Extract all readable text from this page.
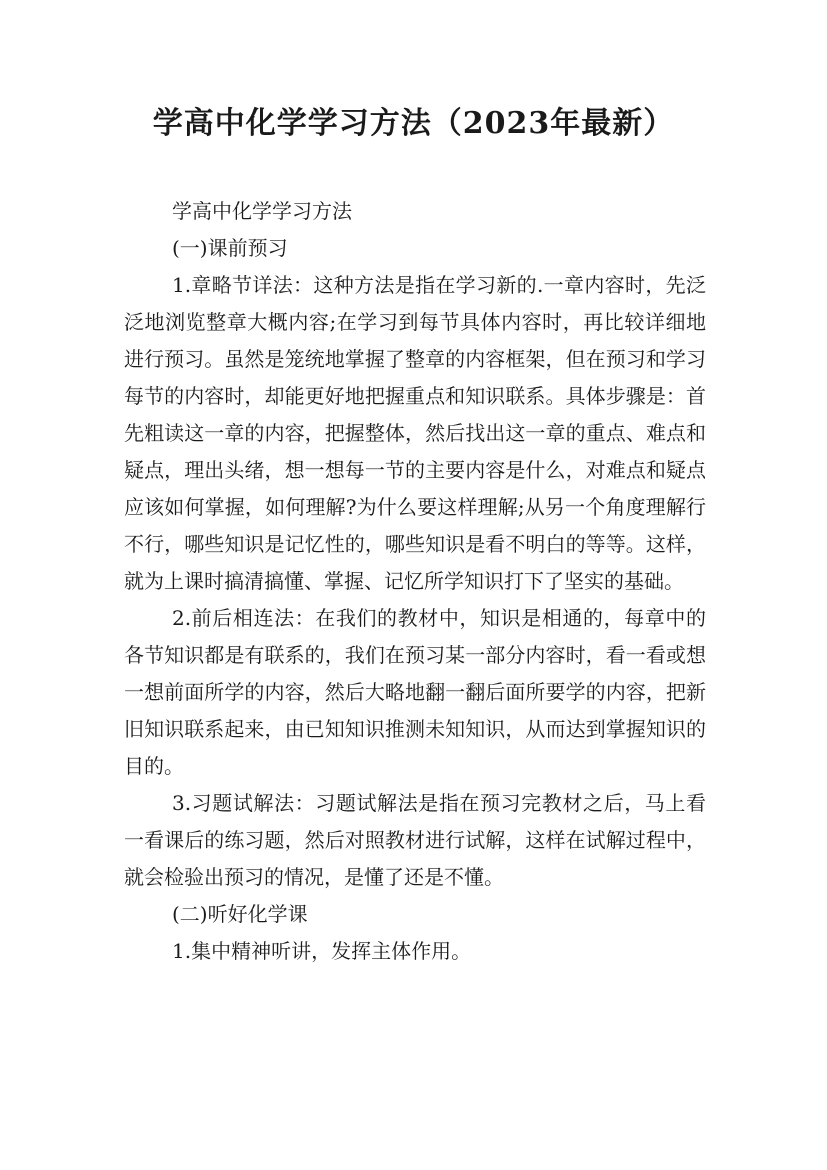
学高中化学学习方法（2023年最新）

学高中化学学习方法

(一)课前预习

1.章略节详法：这种方法是指在学习新的.一章内容时，先泛泛地浏览整章大概内容;在学习到每节具体内容时，再比较详细地进行预习。虽然是笼统地掌握了整章的内容框架，但在预习和学习每节的内容时，却能更好地把握重点和知识联系。具体步骤是：首先粗读这一章的内容，把握整体，然后找出这一章的重点、难点和疑点，理出头绪，想一想每一节的主要内容是什么，对难点和疑点应该如何掌握，如何理解?为什么要这样理解;从另一个角度理解行不行，哪些知识是记忆性的，哪些知识是看不明白的等等。这样，就为上课时搞清搞懂、掌握、记忆所学知识打下了坚实的基础。

2.前后相连法：在我们的教材中，知识是相通的，每章中的各节知识都是有联系的，我们在预习某一部分内容时，看一看或想一想前面所学的内容，然后大略地翻一翻后面所要学的内容，把新旧知识联系起来，由已知知识推测未知知识，从而达到掌握知识的目的。

3.习题试解法：习题试解法是指在预习完教材之后，马上看一看课后的练习题，然后对照教材进行试解，这样在试解过程中，就会检验出预习的情况，是懂了还是不懂。

(二)听好化学课

1.集中精神听讲，发挥主体作用。
